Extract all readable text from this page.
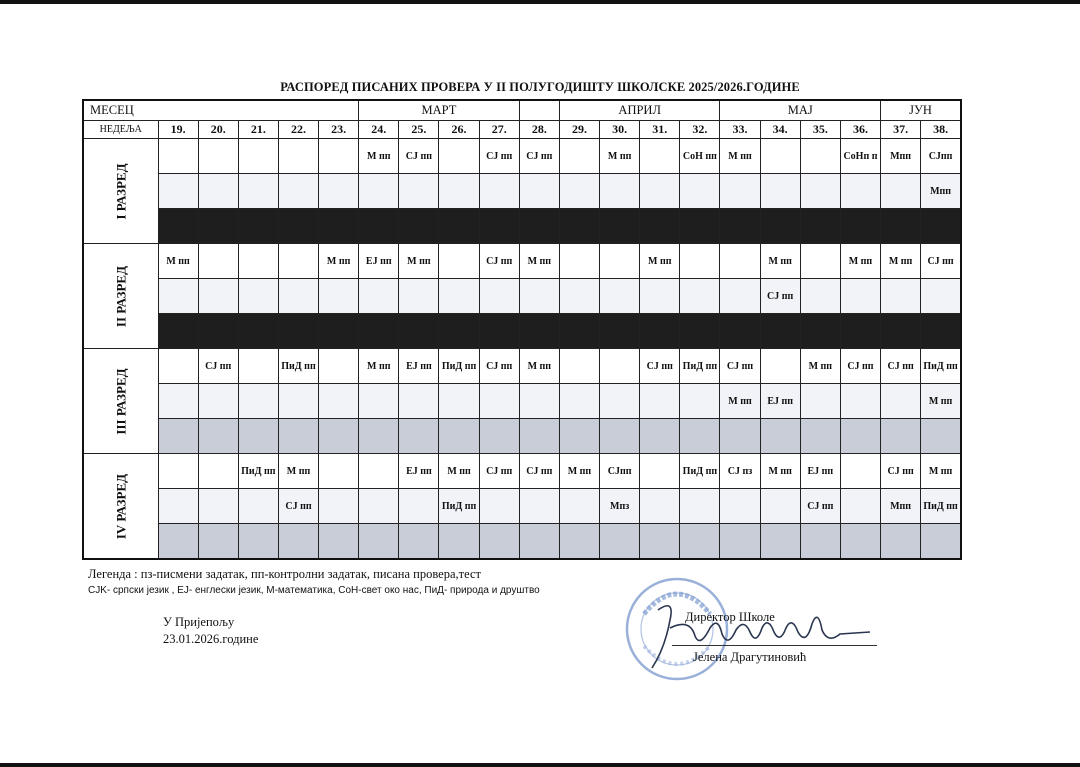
РАСПОРЕД ПИСАНИХ ПРОВЕРА У II ПОЛУГОДИШТУ ШКОЛСКЕ 2025/2026.ГОДИНЕ
МЕСЕЦ						МАРТ					АПРИЛ				МАЈ				ЈУН	
НЕДЕЉА	19.	20.	21.	22.	23.	24.	25.	26.	27.	28.	29.	30.	31.	32.	33.	34.	35.	36.	37.	38.

I РАЗРЕД						M пп	CJ пп		CJ пп	CJ пп		M пп		СоН пп	M пп			СоНп п	Mпп	CJпп
																				Mпп

II РАЗРЕД	M пп				M пп	EJ пп	M пп		CJ пп	M пп			M пп			M пп		M пп	M пп	CJ пп
																CJ пп				

III РАЗРЕД		CJ пп		ПиД пп		M пп	EJ пп	ПиД пп	CJ пп	M пп			CJ пп	ПиД пп	CJ пп		M пп	CJ пп	CJ пп	ПиД пп
															M пп	EJ пп				M пп

IV РАЗРЕД			ПиД пп	M пп			EJ пп	M пп	CJ пп	CJ пп	M пп	CJпп		ПиД пп	CJ пз	M пп	EJ пп		CJ пп	M пп
				CJ пп				ПиД пп				Mпз					CJ пп		Mпп	ПиД пп

Легенда : пз-писмени задатак, пп-контролни задатак, писана провера,тест
CJK- српски језик , EJ- енглески језик, M-математика, СоН-свет око нас, ПиД- природа и друштво
У Пријепољу
23.01.2026.године
Директор Школе
Јелена Драгутиновић
